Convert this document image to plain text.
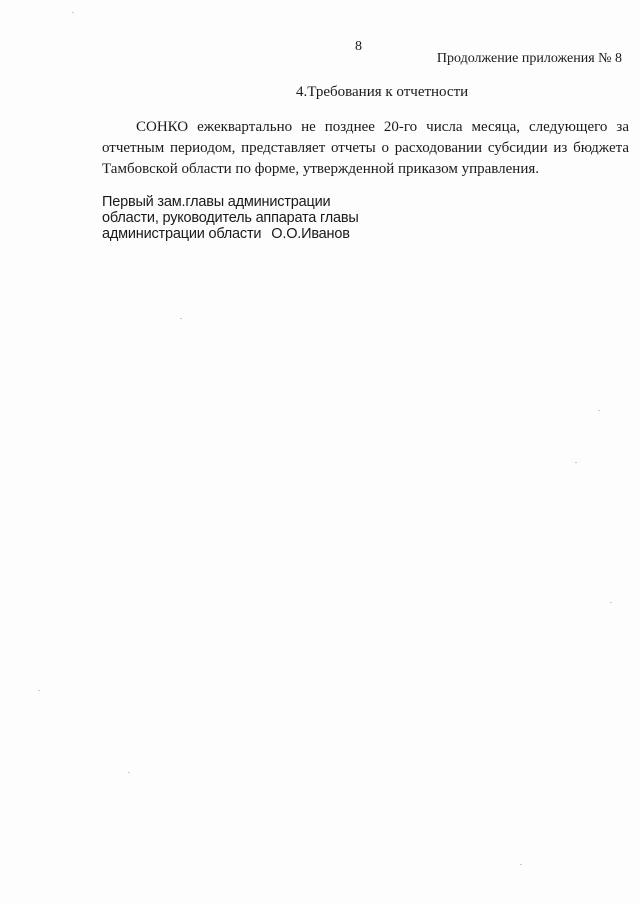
8
Продолжение приложения № 8
4.Требования к отчетности
СОНКО ежеквартально не позднее 20-го числа месяца, следующего за
отчетным периодом, представляет отчеты о расходовании субсидии из бюджета
Тамбовской области по форме, утвержденной приказом управления.
Первый зам.главы администрации
области, руководитель аппарата главы
администрации области О.О.Иванов
